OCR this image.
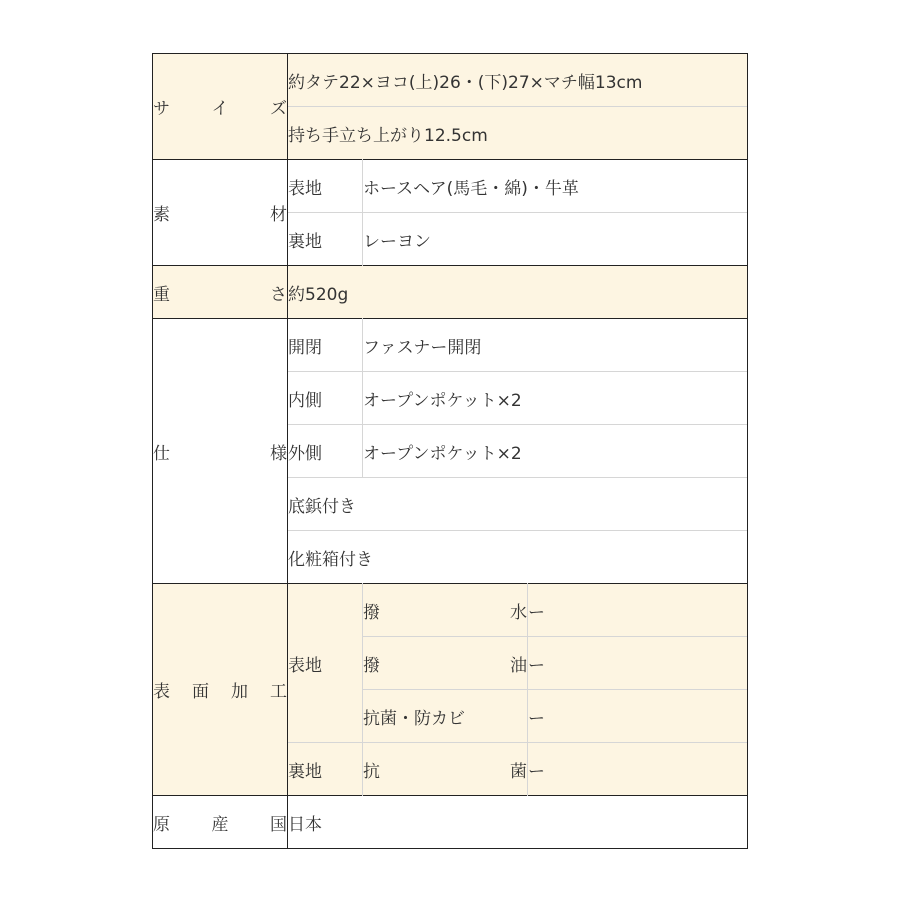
サ イ ズ	約タテ22×ヨコ(上)26・(下)27×マチ幅13cm		
	持ち手立ち上がり12.5cm		

素 材	表地	ホースヘア(馬毛・綿)・牛革	
	裏地	レーヨン	

重 さ	約520g		

仕 様	開閉	ファスナー開閉	
	内側	オープンポケット×2	
	外側	オープンポケット×2	
	底鋲付き		
	化粧箱付き		

表 面 加 工	表地	撥 水	ー

		撥 油	ー
		抗菌・防カビ	ー
	裏地	抗 菌	ー

原 産 国	日本		
